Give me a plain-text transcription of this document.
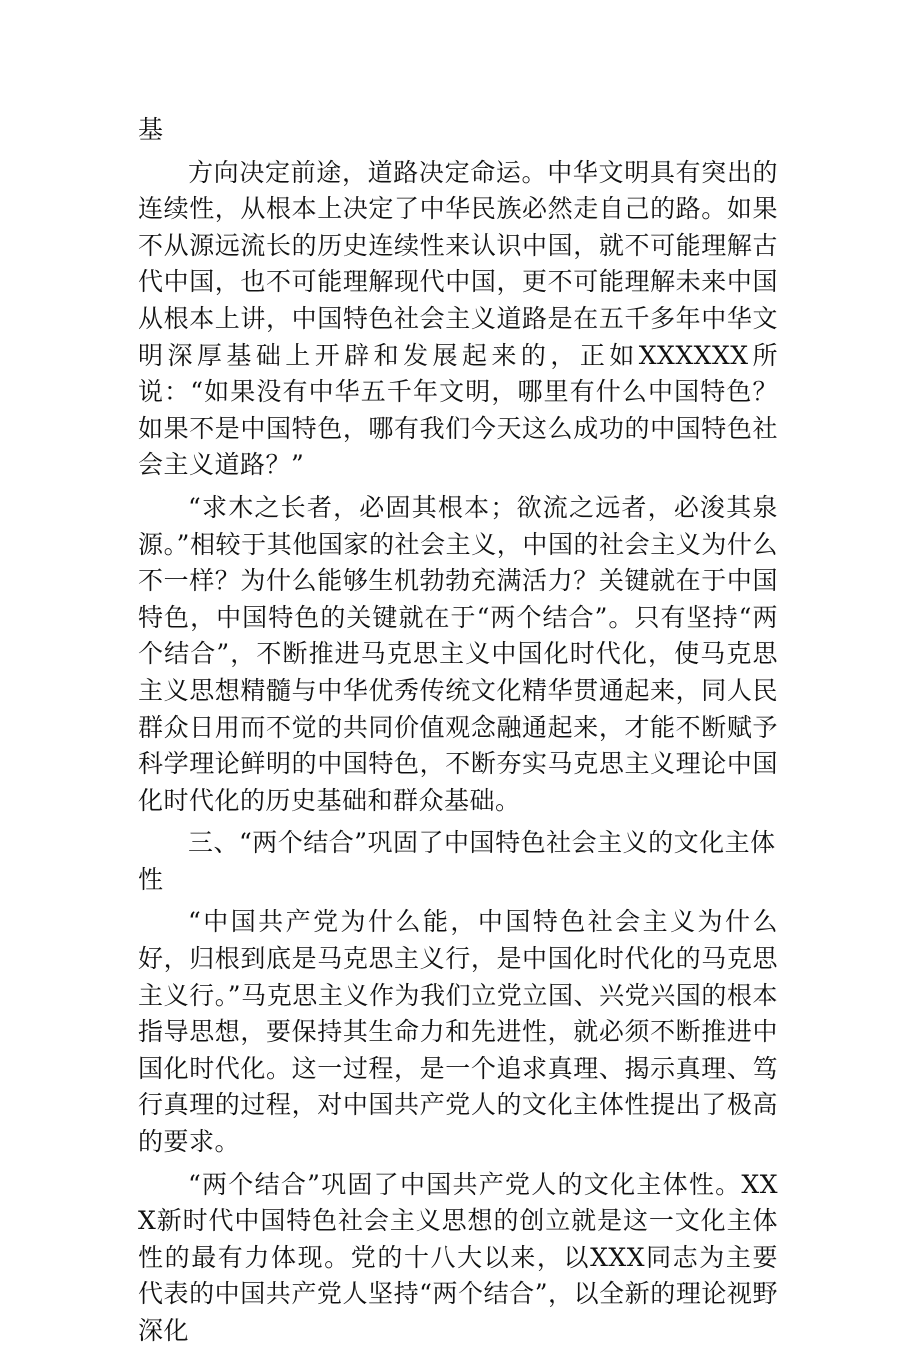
基

方向决定前途，道路决定命运。中华文明具有突出的连续性，从根本上决定了中华民族必然走自己的路。如果不从源远流长的历史连续性来认识中国，就不可能理解古代中国，也不可能理解现代中国，更不可能理解未来中国从根本上讲，中国特色社会主义道路是在五千多年中华文明深厚基础上开辟和发展起来的，正如XXXXXX所说：“如果没有中华五千年文明，哪里有什么中国特色？如果不是中国特色，哪有我们今天这么成功的中国特色社会主义道路？”

“求木之长者，必固其根本；欲流之远者，必浚其泉源。”相较于其他国家的社会主义，中国的社会主义为什么不一样？为什么能够生机勃勃充满活力？关键就在于中国特色，中国特色的关键就在于“两个结合”。只有坚持“两个结合”，不断推进马克思主义中国化时代化，使马克思主义思想精髓与中华优秀传统文化精华贯通起来，同人民群众日用而不觉的共同价值观念融通起来，才能不断赋予科学理论鲜明的中国特色，不断夯实马克思主义理论中国化时代化的历史基础和群众基础。

三、“两个结合”巩固了中国特色社会主义的文化主体性

“中国共产党为什么能，中国特色社会主义为什么好，归根到底是马克思主义行，是中国化时代化的马克思主义行。”马克思主义作为我们立党立国、兴党兴国的根本指导思想，要保持其生命力和先进性，就必须不断推进中国化时代化。这一过程，是一个追求真理、揭示真理、笃行真理的过程，对中国共产党人的文化主体性提出了极高的要求。

“两个结合”巩固了中国共产党人的文化主体性。XXX新时代中国特色社会主义思想的创立就是这一文化主体性的最有力体现。党的十八大以来，以XXX同志为主要代表的中国共产党人坚持“两个结合”，以全新的理论视野深化
